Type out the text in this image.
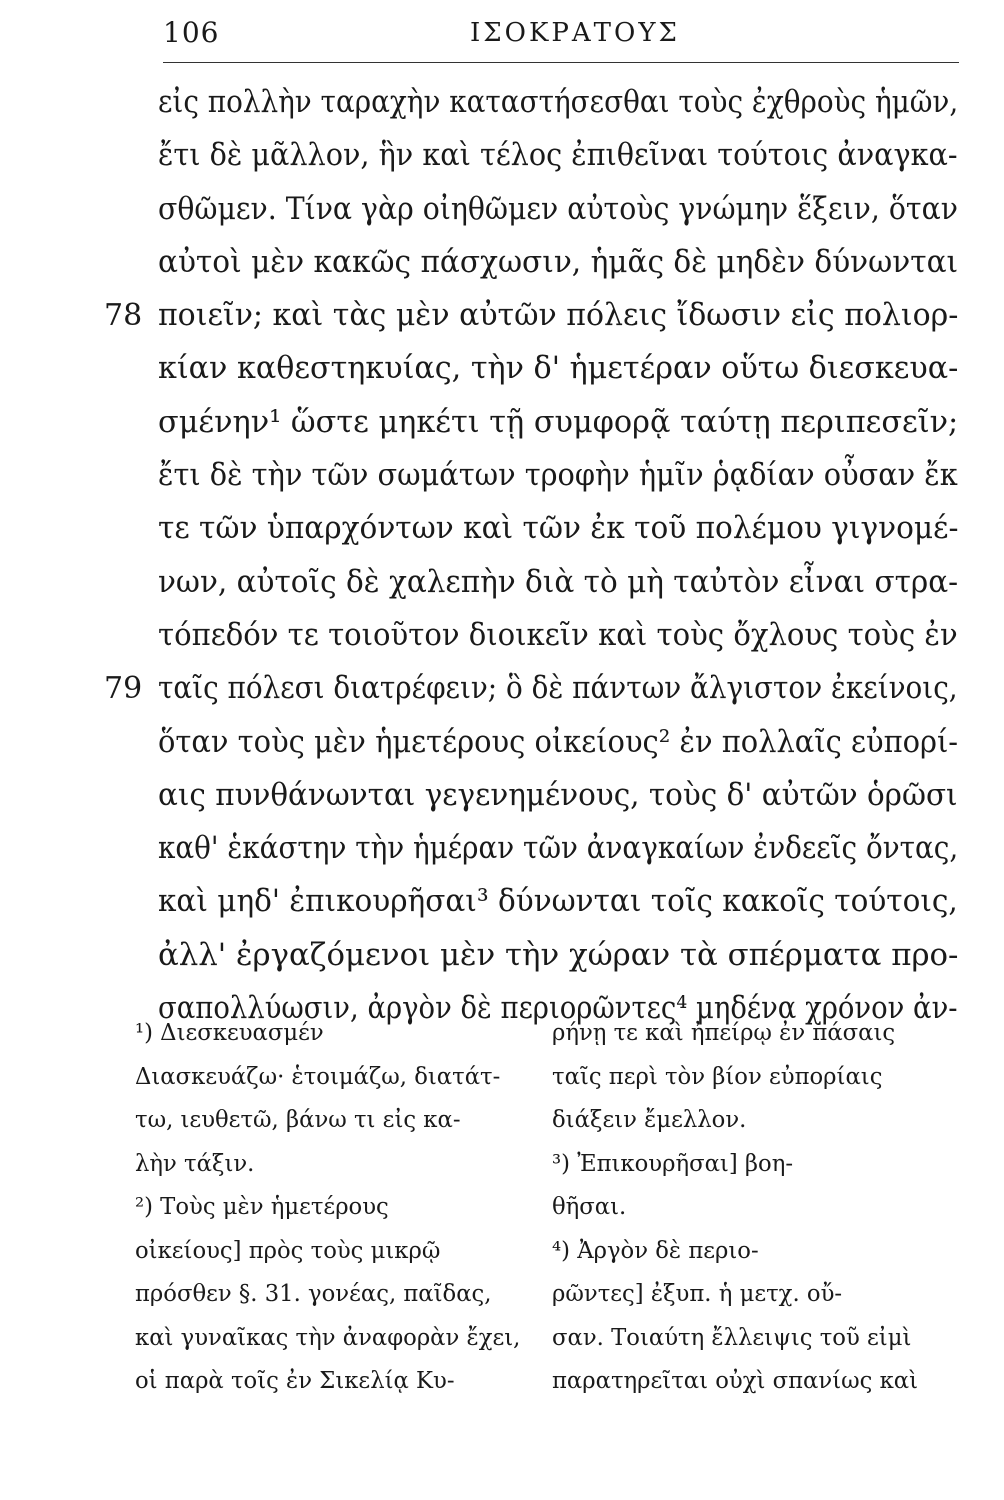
106	ΙΣΟΚΡΑΤΟΥΣ
εἰς πολλὴν ταραχὴν καταστήσεσθαι τοὺς ἐχθροὺς ἡμῶν,
ἔτι δὲ μᾶλλον, ἣν καὶ τέλος ἐπιθεῖναι τούτοις ἀναγκα-
σθῶμεν. Τίνα γὰρ οἰηθῶμεν αὐτοὺς γνώμην ἕξειν, ὅταν
αὐτοὶ μὲν κακῶς πάσχωσιν, ἡμᾶς δὲ μηδὲν δύνωνται
78 ποιεῖν; καὶ τὰς μὲν αὐτῶν πόλεις ἴδωσιν εἰς πολιορ-
κίαν καθεστηκυίας, τὴν δ' ἡμετέραν οὕτω διεσκευα-
σμένην¹ ὥστε μηκέτι τῇ συμφορᾷ ταύτῃ περιπεσεῖν;
ἔτι δὲ τὴν τῶν σωμάτων τροφὴν ἡμῖν ῥᾳδίαν οὖσαν ἔκ
τε τῶν ὑπαρχόντων καὶ τῶν ἐκ τοῦ πολέμου γιγνομέ-
νων, αὐτοῖς δὲ χαλεπὴν διὰ τὸ μὴ ταὐτὸν εἶναι στρα-
τόπεδόν τε τοιοῦτον διοικεῖν καὶ τοὺς ὄχλους τοὺς ἐν
79 ταῖς πόλεσι διατρέφειν; ὃ δὲ πάντων ἄλγιστον ἐκείνοις,
ὅταν τοὺς μὲν ἡμετέρους οἰκείους² ἐν πολλαῖς εὐπορί-
αις πυνθάνωνται γεγενημένους, τοὺς δ' αὐτῶν ὁρῶσι
καθ' ἑκάστην τὴν ἡμέραν τῶν ἀναγκαίων ἐνδεεῖς ὄντας,
καὶ μηδ' ἐπικουρῆσαι³ δύνωνται τοῖς κακοῖς τούτοις,
ἀλλ' ἐργαζόμενοι μὲν τὴν χώραν τὰ σπέρματα προ-
σαπολλύωσιν, ἀργὸν δὲ περιορῶντες⁴ μηδένα χρόνον ἀν-
¹) Διεσκευασμέν
Διασκευάζω· ἑτοιμάζω, διατάτ-
τω, ιευθετῶ, βάνω τι εἰς κα-
λὴν τάξιν.
²) Τοὺς μὲν ἡμετέρους
οἰκείους] πρὸς τοὺς μικρῷ
πρόσθεν §. 31. γονέας, παῖδας,
καὶ γυναῖκας τὴν ἀναφορὰν ἔχει,
οἱ παρὰ τοῖς ἐν Σικελίᾳ Κυ-
ρήνῃ τε καὶ ἠπείρῳ ἐν πάσαις
ταῖς περὶ τὸν βίον εὐπορίαις
διάξειν ἔμελλον.
³) Ἐπικουρῆσαι] βοη-
θῆσαι.
⁴) Ἀργὸν δὲ περιο-
ρῶντες] ἐξυπ. ἡ μετχ. οὔ-
σαν. Τοιαύτη ἔλλειψις τοῦ εἰμὶ
παρατηρεῖται οὐχὶ σπανίως καὶ
